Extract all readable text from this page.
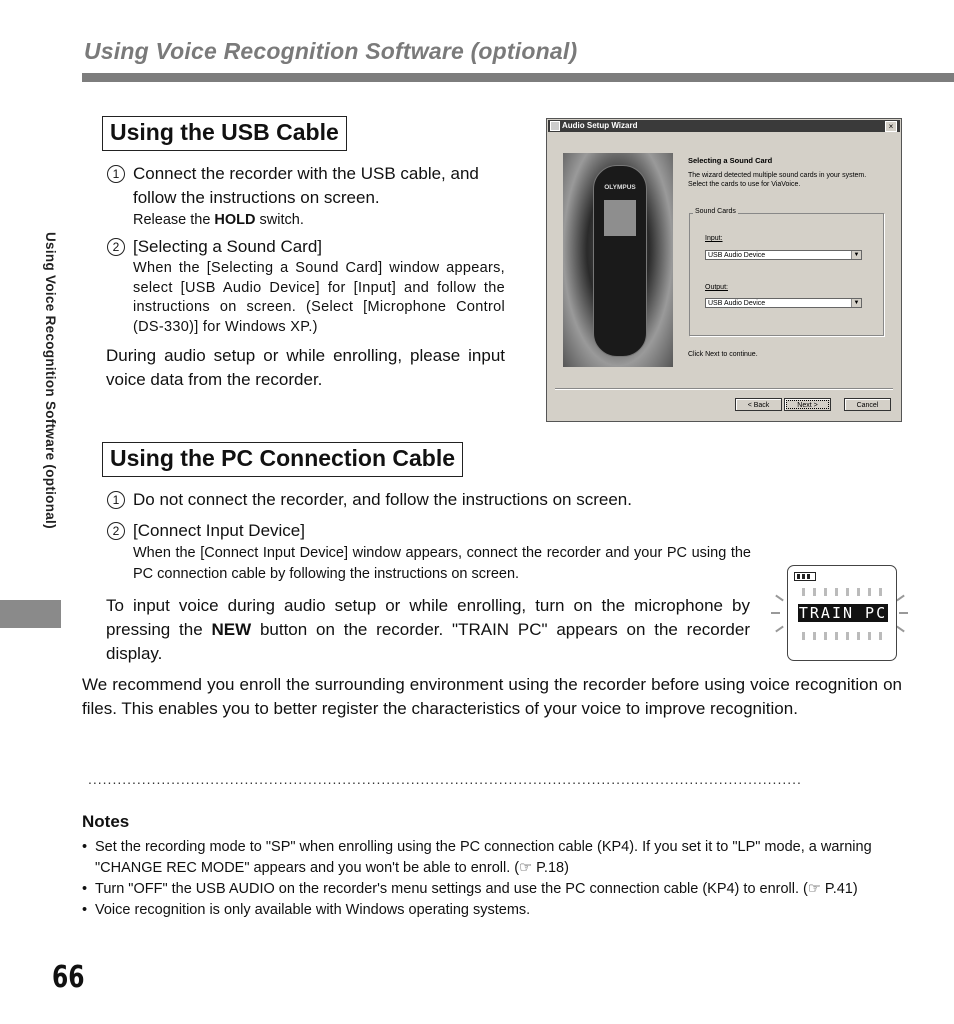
Using Voice Recognition Software (optional)
Using Voice Recognition Software (optional)
Using the USB Cable
1 Connect the recorder with the USB cable, and follow the instructions on screen.
Release the HOLD switch.
2 [Selecting a Sound Card]
When the [Selecting a Sound Card] window appears, select [USB Audio Device] for [Input] and follow the instructions on screen. (Select [Microphone Control (DS-330)] for Windows XP.)
During audio setup or while enrolling, please input voice data from the recorder.
Audio Setup Wizard	×
OLYMPUS
Selecting a Sound Card
The wizard detected multiple sound cards in your system. Select the cards to use for ViaVoice.
Sound Cards
Input:
USB Audio Device	▼
Output:
USB Audio Device	▼
Click Next to continue.
< Back	Next >	Cancel
Using the PC Connection Cable
1 Do not connect the recorder, and follow the instructions on screen.
2 [Connect Input Device]
When the [Connect Input Device] window appears, connect the recorder and your PC using the PC connection cable by following the instructions on screen.
To input voice during audio setup or while enrolling, turn on the microphone by pressing the NEW button on the recorder. "TRAIN PC" appears on the recorder display.
TRAIN PC
We recommend you enroll the surrounding environment using the recorder before using voice recognition on files. This enables you to better register the characteristics of your voice to improve recognition.
..................................................................................................................................................
Notes
• Set the recording mode to "SP" when enrolling using the PC connection cable (KP4). If you set it to "LP" mode, a warning "CHANGE REC MODE" appears and you won't be able to enroll. (☞ P.18)
• Turn "OFF" the USB AUDIO on the recorder's menu settings and use the PC connection cable (KP4) to enroll. (☞ P.41)
• Voice recognition is only available with Windows operating systems.
66
